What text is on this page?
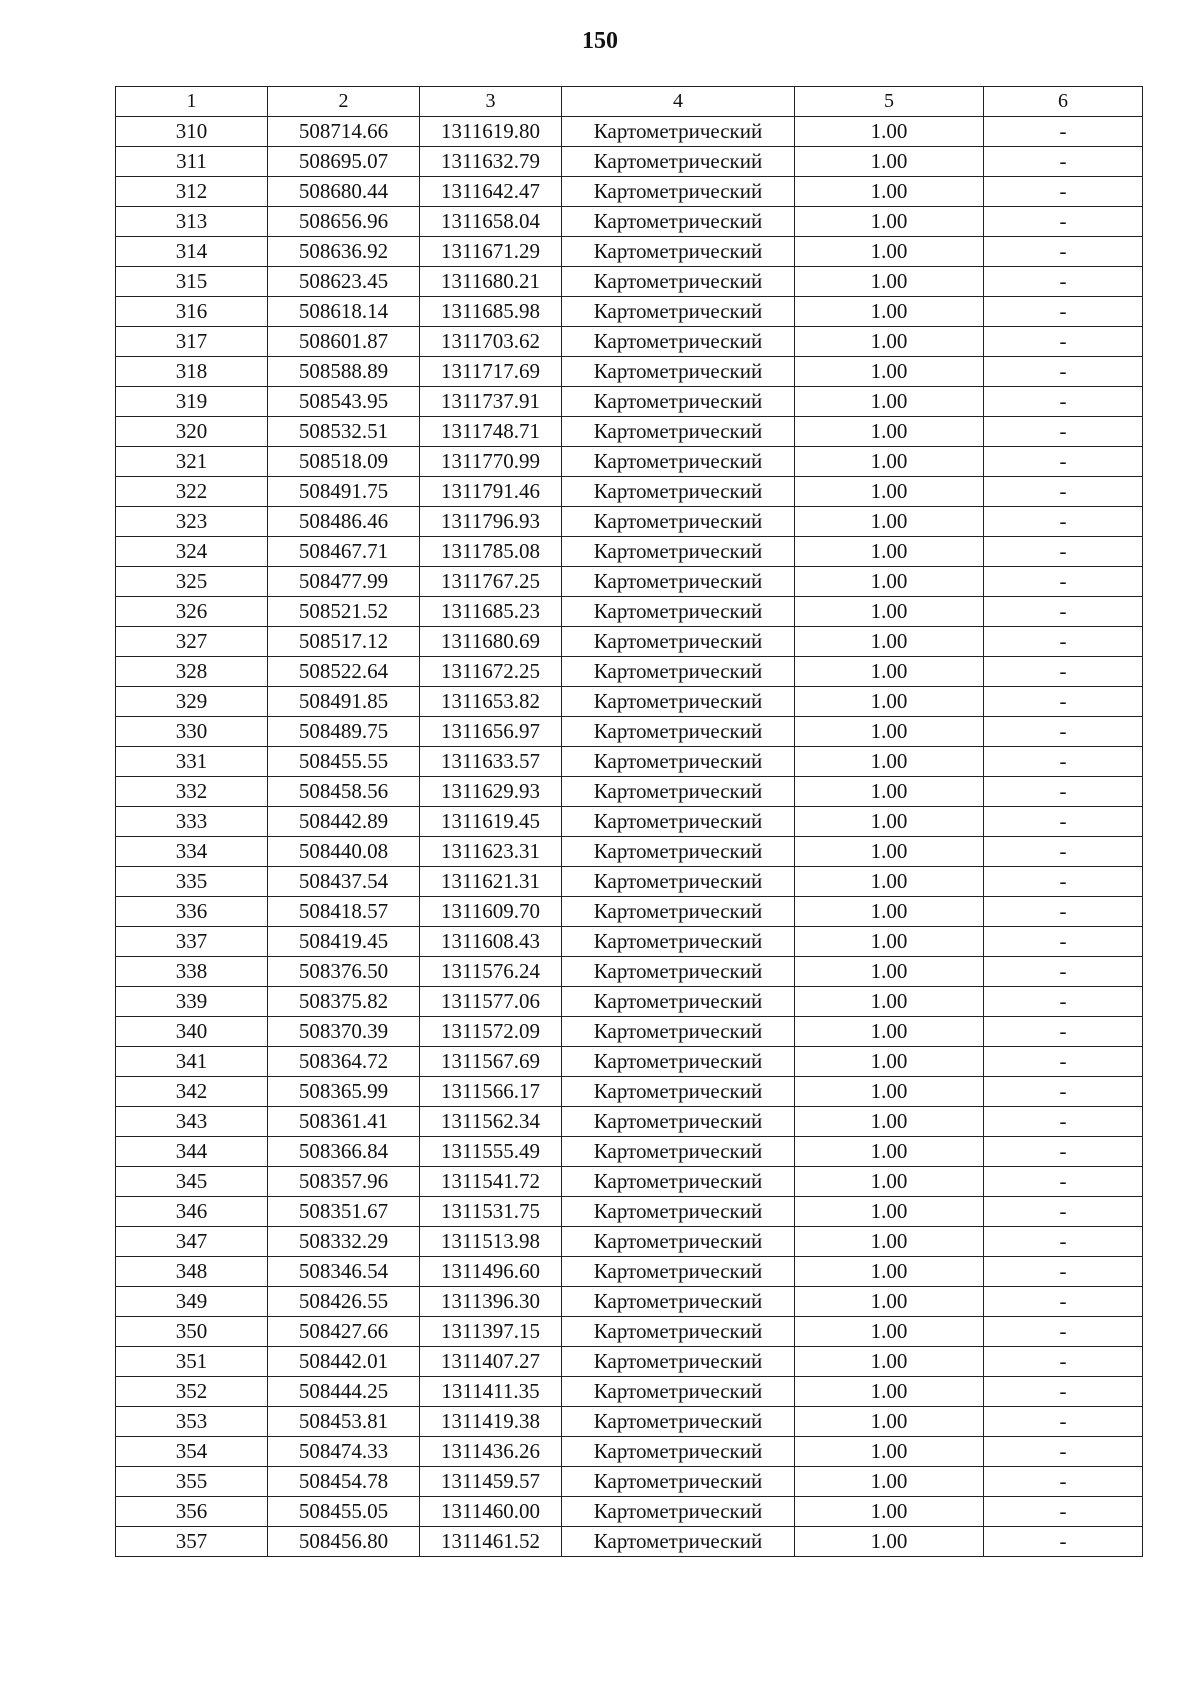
150
1	2	3	4	5	6
310	508714.66	1311619.80	Картометрический	1.00	-
311	508695.07	1311632.79	Картометрический	1.00	-
312	508680.44	1311642.47	Картометрический	1.00	-
313	508656.96	1311658.04	Картометрический	1.00	-
314	508636.92	1311671.29	Картометрический	1.00	-
315	508623.45	1311680.21	Картометрический	1.00	-
316	508618.14	1311685.98	Картометрический	1.00	-
317	508601.87	1311703.62	Картометрический	1.00	-
318	508588.89	1311717.69	Картометрический	1.00	-
319	508543.95	1311737.91	Картометрический	1.00	-
320	508532.51	1311748.71	Картометрический	1.00	-
321	508518.09	1311770.99	Картометрический	1.00	-
322	508491.75	1311791.46	Картометрический	1.00	-
323	508486.46	1311796.93	Картометрический	1.00	-
324	508467.71	1311785.08	Картометрический	1.00	-
325	508477.99	1311767.25	Картометрический	1.00	-
326	508521.52	1311685.23	Картометрический	1.00	-
327	508517.12	1311680.69	Картометрический	1.00	-
328	508522.64	1311672.25	Картометрический	1.00	-
329	508491.85	1311653.82	Картометрический	1.00	-
330	508489.75	1311656.97	Картометрический	1.00	-
331	508455.55	1311633.57	Картометрический	1.00	-
332	508458.56	1311629.93	Картометрический	1.00	-
333	508442.89	1311619.45	Картометрический	1.00	-
334	508440.08	1311623.31	Картометрический	1.00	-
335	508437.54	1311621.31	Картометрический	1.00	-
336	508418.57	1311609.70	Картометрический	1.00	-
337	508419.45	1311608.43	Картометрический	1.00	-
338	508376.50	1311576.24	Картометрический	1.00	-
339	508375.82	1311577.06	Картометрический	1.00	-
340	508370.39	1311572.09	Картометрический	1.00	-
341	508364.72	1311567.69	Картометрический	1.00	-
342	508365.99	1311566.17	Картометрический	1.00	-
343	508361.41	1311562.34	Картометрический	1.00	-
344	508366.84	1311555.49	Картометрический	1.00	-
345	508357.96	1311541.72	Картометрический	1.00	-
346	508351.67	1311531.75	Картометрический	1.00	-
347	508332.29	1311513.98	Картометрический	1.00	-
348	508346.54	1311496.60	Картометрический	1.00	-
349	508426.55	1311396.30	Картометрический	1.00	-
350	508427.66	1311397.15	Картометрический	1.00	-
351	508442.01	1311407.27	Картометрический	1.00	-
352	508444.25	1311411.35	Картометрический	1.00	-
353	508453.81	1311419.38	Картометрический	1.00	-
354	508474.33	1311436.26	Картометрический	1.00	-
355	508454.78	1311459.57	Картометрический	1.00	-
356	508455.05	1311460.00	Картометрический	1.00	-
357	508456.80	1311461.52	Картометрический	1.00	-
